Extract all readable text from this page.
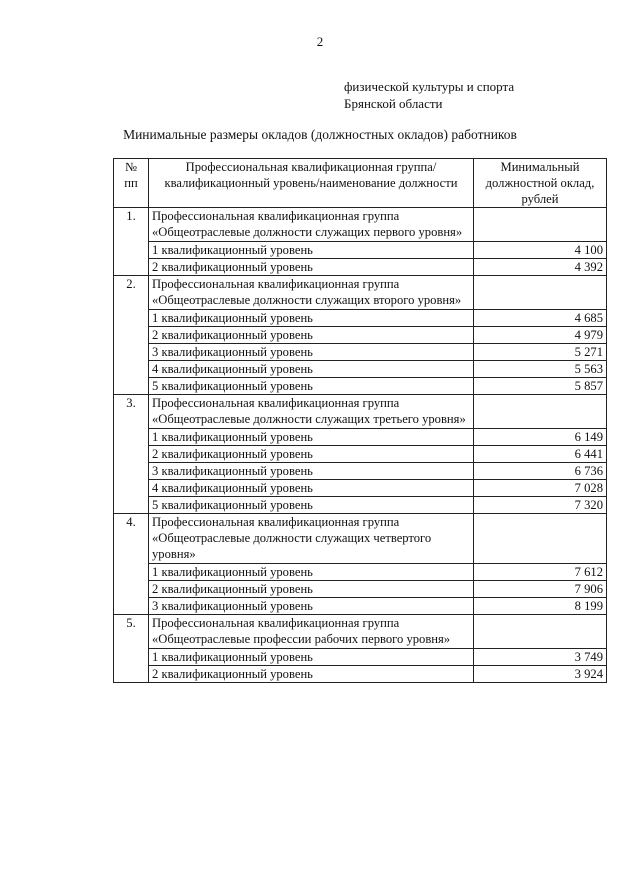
2
физической культуры и спорта
Брянской области
Минимальные размеры окладов (должностных окладов) работников
№ пп	Профессиональная квалификационная группа/квалификационный уровень/наименование должности	Минимальный должностной оклад, рублей
1.	Профессиональная квалификационная группа «Общеотраслевые должности служащих первого уровня»	
	1 квалификационный уровень	4 100
	2 квалификационный уровень	4 392
2.	Профессиональная квалификационная группа «Общеотраслевые должности служащих второго уровня»	
	1 квалификационный уровень	4 685
	2 квалификационный уровень	4 979
	3 квалификационный уровень	5 271
	4 квалификационный уровень	5 563
	5 квалификационный уровень	5 857
3.	Профессиональная квалификационная группа «Общеотраслевые должности служащих третьего уровня»	
	1 квалификационный уровень	6 149
	2 квалификационный уровень	6 441
	3 квалификационный уровень	6 736
	4 квалификационный уровень	7 028
	5 квалификационный уровень	7 320
4.	Профессиональная квалификационная группа «Общеотраслевые должности служащих четвертого уровня»	
	1 квалификационный уровень	7 612
	2 квалификационный уровень	7 906
	3 квалификационный уровень	8 199
5.	Профессиональная квалификационная группа «Общеотраслевые профессии рабочих первого уровня»	
	1 квалификационный уровень	3 749
	2 квалификационный уровень	3 924
